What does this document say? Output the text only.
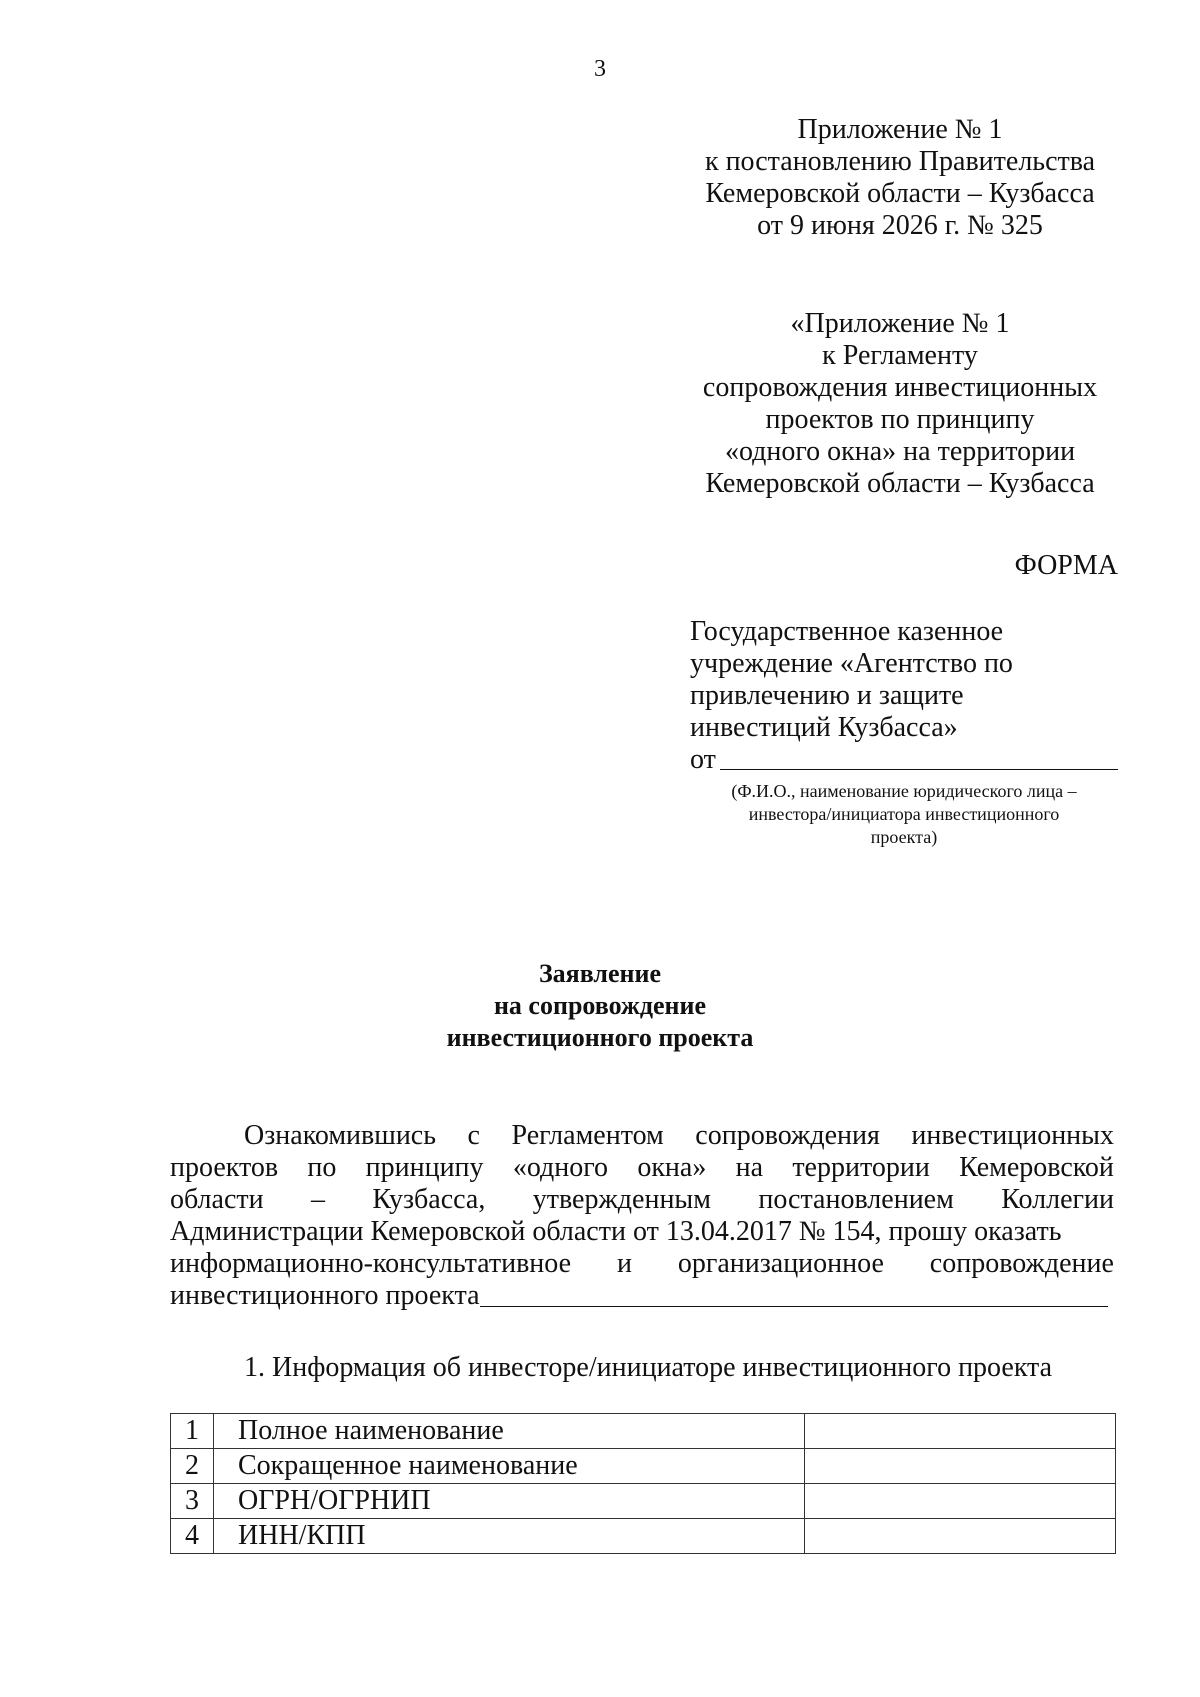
3
Приложение № 1
к постановлению Правительства
Кемеровской области – Кузбасса
от 9 июня 2026 г. № 325
«Приложение № 1
к Регламенту
сопровождения инвестиционных
проектов по принципу
«одного окна» на территории
Кемеровской области – Кузбасса
ФОРМА
Государственное казенное
учреждение «Агентство по
привлечению и защите
инвестиций Кузбасса»
от
(Ф.И.О., наименование юридического лица –
инвестора/инициатора инвестиционного
проекта)
Заявление
на сопровождение
инвестиционного проекта
Ознакомившись с Регламентом сопровождения инвестиционных
проектов по принципу «одного окна» на территории Кемеровской
области – Кузбасса, утвержденным постановлением Коллегии
Администрации Кемеровской области от 13.04.2017 № 154, прошу оказать
информационно-консультативное и организационное сопровождение
инвестиционного проекта
1. Информация об инвесторе/инициаторе инвестиционного проекта
1	Полное наименование	
2	Сокращенное наименование	
3	ОГРН/ОГРНИП	
4	ИНН/КПП	
